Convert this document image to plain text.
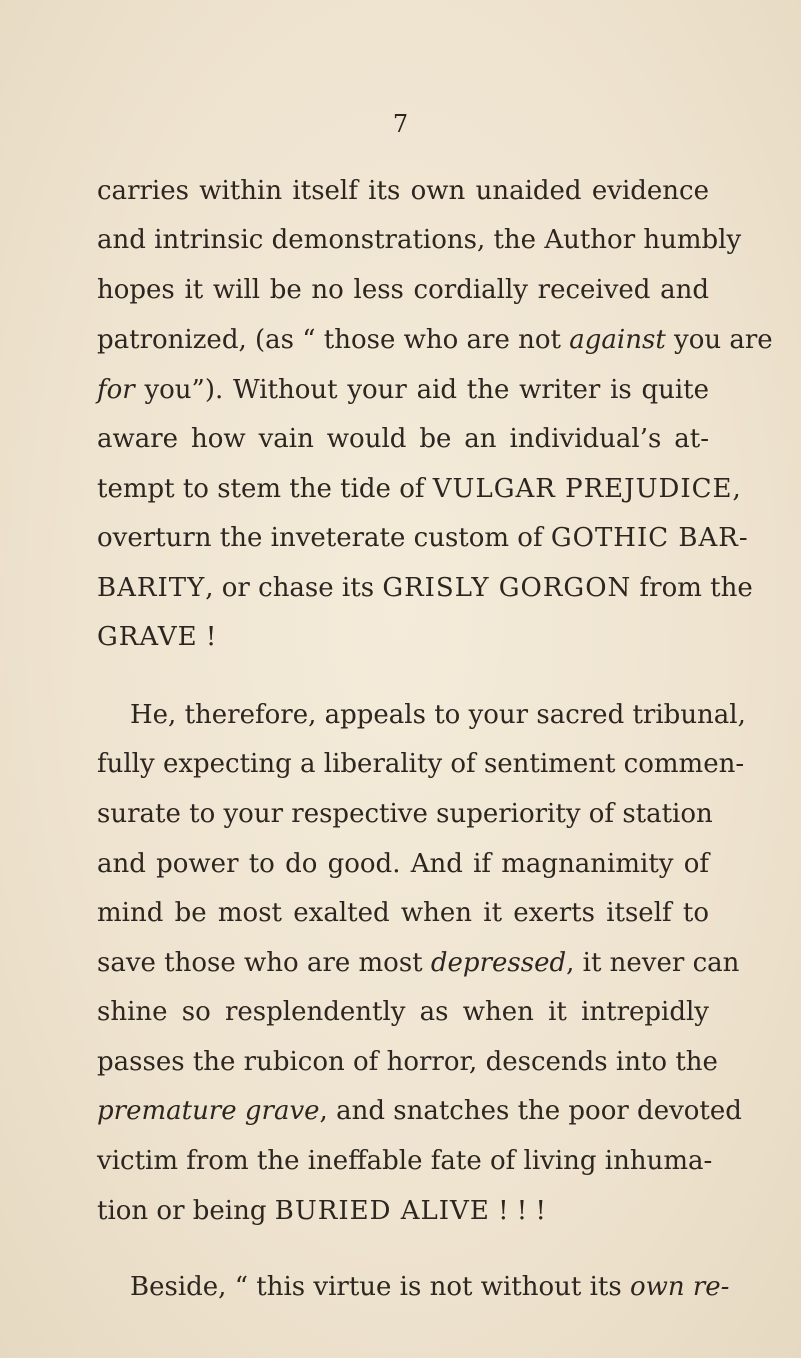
7
carries within itself its own unaided evidence
and intrinsic demonstrations, the Author humbly
hopes it will be no less cordially received and
patronized, (as “ those who are not against you are
for you”). Without your aid the writer is quite
aware how vain would be an individual’s at-
tempt to stem the tide of VULGAR PREJUDICE,
overturn the inveterate custom of GOTHIC BAR-
BARITY, or chase its GRISLY GORGON from the
GRAVE !
He, therefore, appeals to your sacred tribunal,
fully expecting a liberality of sentiment commen-
surate to your respective superiority of station
and power to do good. And if magnanimity of
mind be most exalted when it exerts itself to
save those who are most depressed, it never can
shine so resplendently as when it intrepidly
passes the rubicon of horror, descends into the
premature grave, and snatches the poor devoted
victim from the ineffable fate of living inhuma-
tion or being BURIED ALIVE ! ! !
Beside, “ this virtue is not without its own re-
